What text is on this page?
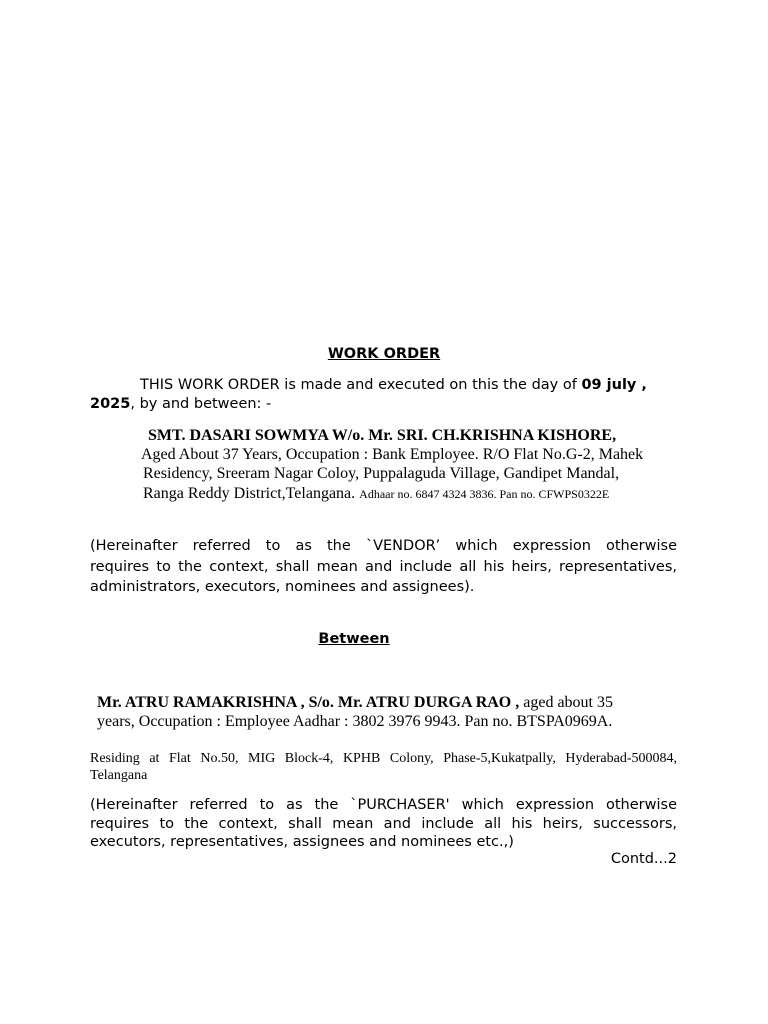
WORK ORDER
THIS WORK ORDER is made and executed on this the day of 09 july ,
2025, by and between: -
SMT. DASARI SOWMYA W/o. Mr. SRI. CH.KRISHNA KISHORE,
Aged About 37 Years, Occupation : Bank Employee. R/O Flat No.G-2, Mahek
Residency, Sreeram Nagar Coloy, Puppalaguda Village, Gandipet Mandal,
Ranga Reddy District,Telangana. Adhaar no. 6847 4324 3836. Pan no. CFWPS0322E
(Hereinafter referred to as the `VENDOR’ which expression otherwise
requires to the context, shall mean and include all his heirs, representatives,
administrators, executors, nominees and assignees).
Between
Mr. ATRU RAMAKRISHNA , S/o. Mr. ATRU DURGA RAO , aged about 35
years, Occupation : Employee Aadhar : 3802 3976 9943. Pan no. BTSPA0969A.
Residing at Flat No.50, MIG Block-4, KPHB Colony, Phase-5,Kukatpally, Hyderabad-500084,
Telangana
(Hereinafter referred to as the `PURCHASER' which expression otherwise
requires to the context, shall mean and include all his heirs, successors,
executors, representatives, assignees and nominees etc.,)
Contd...2
